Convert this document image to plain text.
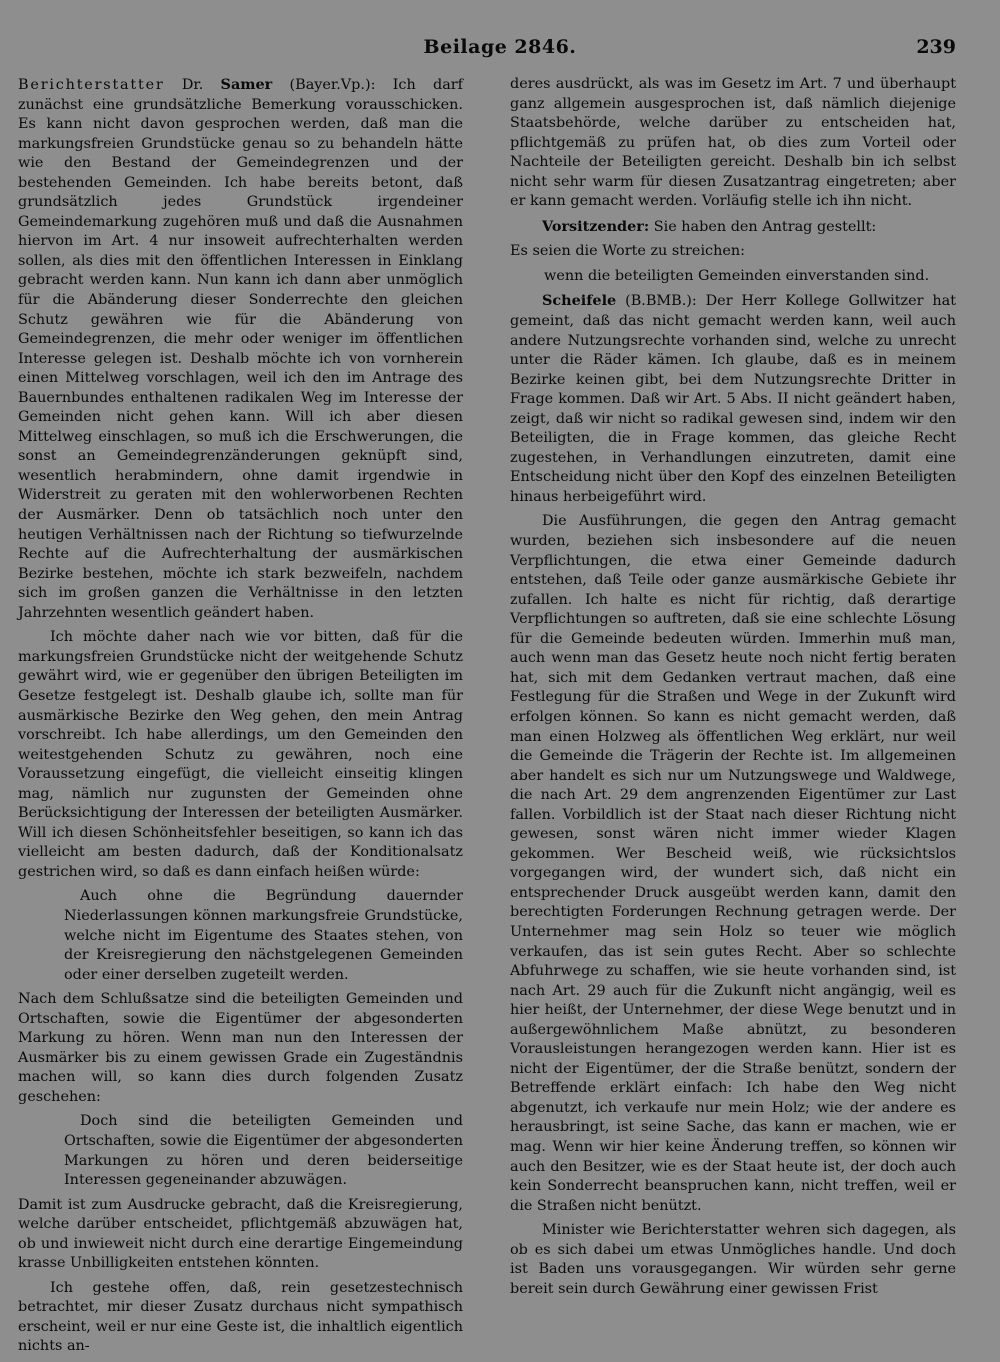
Beilage 2846.	239

Berichterstatter Dr. Samer (Bayer.Vp.): Ich darf zunächst eine grundsätzliche Bemerkung vorausschicken. Es kann nicht davon gesprochen werden, daß man die markungsfreien Grundstücke genau so zu behandeln hätte wie den Bestand der Gemeindegrenzen und der bestehenden Gemeinden. Ich habe bereits betont, daß grundsätzlich jedes Grundstück irgendeiner Gemeindemarkung zugehören muß und daß die Ausnahmen hiervon im Art. 4 nur insoweit aufrechterhalten werden sollen, als dies mit den öffentlichen Interessen in Einklang gebracht werden kann. Nun kann ich dann aber unmöglich für die Abänderung dieser Sonderrechte den gleichen Schutz gewähren wie für die Abänderung von Gemeindegrenzen, die mehr oder weniger im öffentlichen Interesse gelegen ist. Deshalb möchte ich von vornherein einen Mittelweg vorschlagen, weil ich den im Antrage des Bauernbundes enthaltenen radikalen Weg im Interesse der Gemeinden nicht gehen kann. Will ich aber diesen Mittelweg einschlagen, so muß ich die Erschwerungen, die sonst an Gemeindegrenzänderungen geknüpft sind, wesentlich herabmindern, ohne damit irgendwie in Widerstreit zu geraten mit den wohlerworbenen Rechten der Ausmärker. Denn ob tatsächlich noch unter den heutigen Verhältnissen nach der Richtung so tiefwurzelnde Rechte auf die Aufrechterhaltung der ausmärkischen Bezirke bestehen, möchte ich stark bezweifeln, nachdem sich im großen ganzen die Verhältnisse in den letzten Jahrzehnten wesentlich geändert haben.

Ich möchte daher nach wie vor bitten, daß für die markungsfreien Grundstücke nicht der weitgehende Schutz gewährt wird, wie er gegenüber den übrigen Beteiligten im Gesetze festgelegt ist. Deshalb glaube ich, sollte man für ausmärkische Bezirke den Weg gehen, den mein Antrag vorschreibt. Ich habe allerdings, um den Gemeinden den weitestgehenden Schutz zu gewähren, noch eine Voraussetzung eingefügt, die vielleicht einseitig klingen mag, nämlich nur zugunsten der Gemeinden ohne Berücksichtigung der Interessen der beteiligten Ausmärker. Will ich diesen Schönheitsfehler beseitigen, so kann ich das vielleicht am besten dadurch, daß der Konditionalsatz gestrichen wird, so daß es dann einfach heißen würde:

Auch ohne die Begründung dauernder Niederlassungen können markungsfreie Grundstücke, welche nicht im Eigentume des Staates stehen, von der Kreisregierung den nächstgelegenen Gemeinden oder einer derselben zugeteilt werden.

Nach dem Schlußsatze sind die beteiligten Gemeinden und Ortschaften, sowie die Eigentümer der abgesonderten Markung zu hören. Wenn man nun den Interessen der Ausmärker bis zu einem gewissen Grade ein Zugeständnis machen will, so kann dies durch folgenden Zusatz geschehen:

Doch sind die beteiligten Gemeinden und Ortschaften, sowie die Eigentümer der abgesonderten Markungen zu hören und deren beiderseitige Interessen gegeneinander abzuwägen.

Damit ist zum Ausdrucke gebracht, daß die Kreisregierung, welche darüber entscheidet, pflichtgemäß abzuwägen hat, ob und inwieweit nicht durch eine derartige Eingemeindung krasse Unbilligkeiten entstehen könnten.

Ich gestehe offen, daß, rein gesetzestechnisch betrachtet, mir dieser Zusatz durchaus nicht sympathisch erscheint, weil er nur eine Geste ist, die inhaltlich eigentlich nichts an-

deres ausdrückt, als was im Gesetz im Art. 7 und überhaupt ganz allgemein ausgesprochen ist, daß nämlich diejenige Staatsbehörde, welche darüber zu entscheiden hat, pflichtgemäß zu prüfen hat, ob dies zum Vorteil oder Nachteile der Beteiligten gereicht. Deshalb bin ich selbst nicht sehr warm für diesen Zusatzantrag eingetreten; aber er kann gemacht werden. Vorläufig stelle ich ihn nicht.

Vorsitzender: Sie haben den Antrag gestellt:

Es seien die Worte zu streichen:

wenn die beteiligten Gemeinden einverstanden sind.

Scheifele (B.BMB.): Der Herr Kollege Gollwitzer hat gemeint, daß das nicht gemacht werden kann, weil auch andere Nutzungsrechte vorhanden sind, welche zu unrecht unter die Räder kämen. Ich glaube, daß es in meinem Bezirke keinen gibt, bei dem Nutzungsrechte Dritter in Frage kommen. Daß wir Art. 5 Abs. II nicht geändert haben, zeigt, daß wir nicht so radikal gewesen sind, indem wir den Beteiligten, die in Frage kommen, das gleiche Recht zugestehen, in Verhandlungen einzutreten, damit eine Entscheidung nicht über den Kopf des einzelnen Beteiligten hinaus herbeigeführt wird.

Die Ausführungen, die gegen den Antrag gemacht wurden, beziehen sich insbesondere auf die neuen Verpflichtungen, die etwa einer Gemeinde dadurch entstehen, daß Teile oder ganze ausmärkische Gebiete ihr zufallen. Ich halte es nicht für richtig, daß derartige Verpflichtungen so auftreten, daß sie eine schlechte Lösung für die Gemeinde bedeuten würden. Immerhin muß man, auch wenn man das Gesetz heute noch nicht fertig beraten hat, sich mit dem Gedanken vertraut machen, daß eine Festlegung für die Straßen und Wege in der Zukunft wird erfolgen können. So kann es nicht gemacht werden, daß man einen Holzweg als öffentlichen Weg erklärt, nur weil die Gemeinde die Trägerin der Rechte ist. Im allgemeinen aber handelt es sich nur um Nutzungswege und Waldwege, die nach Art. 29 dem angrenzenden Eigentümer zur Last fallen. Vorbildlich ist der Staat nach dieser Richtung nicht gewesen, sonst wären nicht immer wieder Klagen gekommen. Wer Bescheid weiß, wie rücksichtslos vorgegangen wird, der wundert sich, daß nicht ein entsprechender Druck ausgeübt werden kann, damit den berechtigten Forderungen Rechnung getragen werde. Der Unternehmer mag sein Holz so teuer wie möglich verkaufen, das ist sein gutes Recht. Aber so schlechte Abfuhrwege zu schaffen, wie sie heute vorhanden sind, ist nach Art. 29 auch für die Zukunft nicht angängig, weil es hier heißt, der Unternehmer, der diese Wege benutzt und in außergewöhnlichem Maße abnützt, zu besonderen Vorausleistungen herangezogen werden kann. Hier ist es nicht der Eigentümer, der die Straße benützt, sondern der Betreffende erklärt einfach: Ich habe den Weg nicht abgenutzt, ich verkaufe nur mein Holz; wie der andere es herausbringt, ist seine Sache, das kann er machen, wie er mag. Wenn wir hier keine Änderung treffen, so können wir auch den Besitzer, wie es der Staat heute ist, der doch auch kein Sonderrecht beanspruchen kann, nicht treffen, weil er die Straßen nicht benützt.

Minister wie Berichterstatter wehren sich dagegen, als ob es sich dabei um etwas Unmögliches handle. Und doch ist Baden uns vorausgegangen. Wir würden sehr gerne bereit sein durch Gewährung einer gewissen Frist
